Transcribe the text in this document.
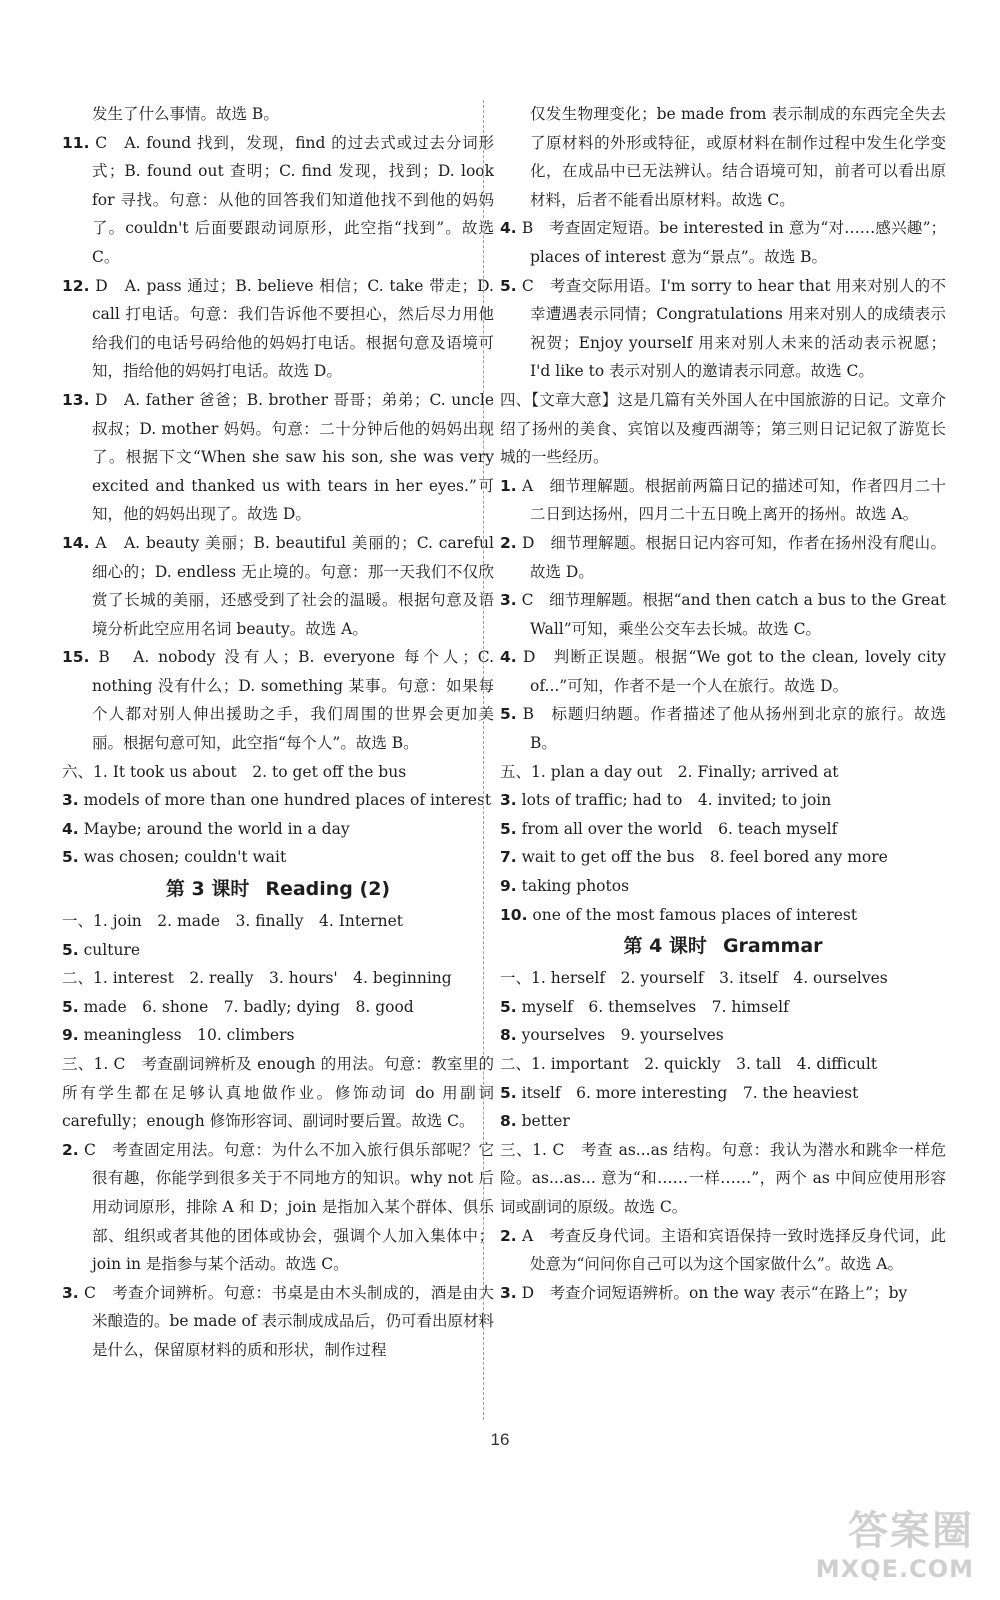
发生了什么事情。故选 B。

11. C　A. found 找到，发现，find 的过去式或过去分词形式；B. found out 查明；C. find 发现，找到；D. look for 寻找。句意：从他的回答我们知道他找不到他的妈妈了。couldn't 后面要跟动词原形，此空指“找到”。故选 C。

12. D　A. pass 通过；B. believe 相信；C. take 带走；D. call 打电话。句意：我们告诉他不要担心，然后尽力用他给我们的电话号码给他的妈妈打电话。根据句意及语境可知，指给他的妈妈打电话。故选 D。

13. D　A. father 爸爸；B. brother 哥哥；弟弟；C. uncle 叔叔；D. mother 妈妈。句意：二十分钟后他的妈妈出现了。根据下文“When she saw his son, she was very excited and thanked us with tears in her eyes.”可知，他的妈妈出现了。故选 D。

14. A　A. beauty 美丽；B. beautiful 美丽的；C. careful 细心的；D. endless 无止境的。句意：那一天我们不仅欣赏了长城的美丽，还感受到了社会的温暖。根据句意及语境分析此空应用名词 beauty。故选 A。

15. B　A. nobody 没有人；B. everyone 每个人；C. nothing 没有什么；D. something 某事。句意：如果每个人都对别人伸出援助之手，我们周围的世界会更加美丽。根据句意可知，此空指“每个人”。故选 B。

六、1. It took us about　2. to get off the bus

3. models of more than one hundred places of interest

4. Maybe; around the world in a day

5. was chosen; couldn't wait

第 3 课时 Reading (2)

一、1. join　2. made　3. finally　4. Internet

5. culture

二、1. interest　2. really　3. hours'　4. beginning

5. made　6. shone　7. badly; dying　8. good

9. meaningless　10. climbers

三、1. C　考查副词辨析及 enough 的用法。句意：教室里的所有学生都在足够认真地做作业。修饰动词 do 用副词 carefully；enough 修饰形容词、副词时要后置。故选 C。

2. C　考查固定用法。句意：为什么不加入旅行俱乐部呢？它很有趣，你能学到很多关于不同地方的知识。why not 后用动词原形，排除 A 和 D；join 是指加入某个群体、俱乐部、组织或者其他的团体或协会，强调个人加入集体中；join in 是指参与某个活动。故选 C。

3. C　考查介词辨析。句意：书桌是由木头制成的，酒是由大米酿造的。be made of 表示制成成品后，仍可看出原材料是什么，保留原材料的质和形状，制作过程

仅发生物理变化；be made from 表示制成的东西完全失去了原材料的外形或特征，或原材料在制作过程中发生化学变化，在成品中已无法辨认。结合语境可知，前者可以看出原材料，后者不能看出原材料。故选 C。

4. B　考查固定短语。be interested in 意为“对……感兴趣”；places of interest 意为“景点”。故选 B。

5. C　考查交际用语。I'm sorry to hear that 用来对别人的不幸遭遇表示同情；Congratulations 用来对别人的成绩表示祝贺；Enjoy yourself 用来对别人未来的活动表示祝愿；I'd like to 表示对别人的邀请表示同意。故选 C。

四、【文章大意】这是几篇有关外国人在中国旅游的日记。文章介绍了扬州的美食、宾馆以及瘦西湖等；第三则日记记叙了游览长城的一些经历。

1. A　细节理解题。根据前两篇日记的描述可知，作者四月二十二日到达扬州，四月二十五日晚上离开的扬州。故选 A。

2. D　细节理解题。根据日记内容可知，作者在扬州没有爬山。故选 D。

3. C　细节理解题。根据“and then catch a bus to the Great Wall”可知，乘坐公交车去长城。故选 C。

4. D　判断正误题。根据“We got to the clean, lovely city of...”可知，作者不是一个人在旅行。故选 D。

5. B　标题归纳题。作者描述了他从扬州到北京的旅行。故选 B。

五、1. plan a day out　2. Finally; arrived at

3. lots of traffic; had to　4. invited; to join

5. from all over the world　6. teach myself

7. wait to get off the bus　8. feel bored any more

9. taking photos

10. one of the most famous places of interest

第 4 课时 Grammar

一、1. herself　2. yourself　3. itself　4. ourselves

5. myself　6. themselves　7. himself

8. yourselves　9. yourselves

二、1. important　2. quickly　3. tall　4. difficult

5. itself　6. more interesting　7. the heaviest

8. better

三、1. C　考查 as...as 结构。句意：我认为潜水和跳伞一样危险。as...as... 意为“和……一样……”，两个 as 中间应使用形容词或副词的原级。故选 C。

2. A　考查反身代词。主语和宾语保持一致时选择反身代词，此处意为“问问你自己可以为这个国家做什么”。故选 A。

3. D　考查介词短语辨析。on the way 表示“在路上”；by

16
答案圈
MXQE.COM
